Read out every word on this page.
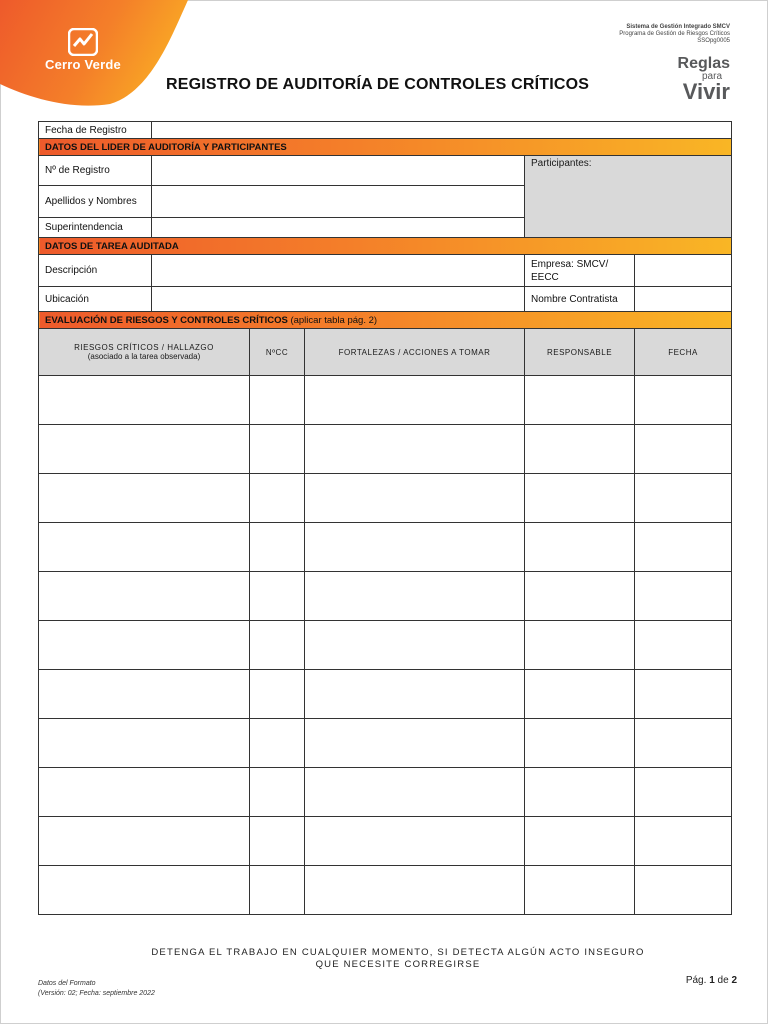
Cerro Verde
Sistema de Gestión Integrado SMCV
Programa de Gestión de Riesgos Críticos
SSOpg0005
Reglas
para
Vivir
REGISTRO DE AUDITORÍA DE CONTROLES CRÍTICOS
Fecha de Registro					
DATOS DEL LIDER DE AUDITORÍA Y PARTICIPANTES					
Nº de Registro				Participantes:	
Apellidos y Nombres					
Superintendencia					
DATOS DE TAREA AUDITADA					
Descripción				Empresa: SMCV/ EECC	
Ubicación				Nombre Contratista	
EVALUACIÓN DE RIESGOS Y CONTROLES CRÍTICOS (aplicar tabla pág. 2)					

RIESGOS CRÍTICOS / HALLAZGO
(asociado a la tarea observada)		NºCC	FORTALEZAS / ACCIONES A TOMAR	RESPONSABLE	FECHA

DETENGA EL TRABAJO EN CUALQUIER MOMENTO, SI DETECTA ALGÚN ACTO INSEGURO
QUE NECESITE CORREGIRSE
Datos del Formato
(Versión: 02; Fecha: septiembre 2022
Pág. 1 de 2
